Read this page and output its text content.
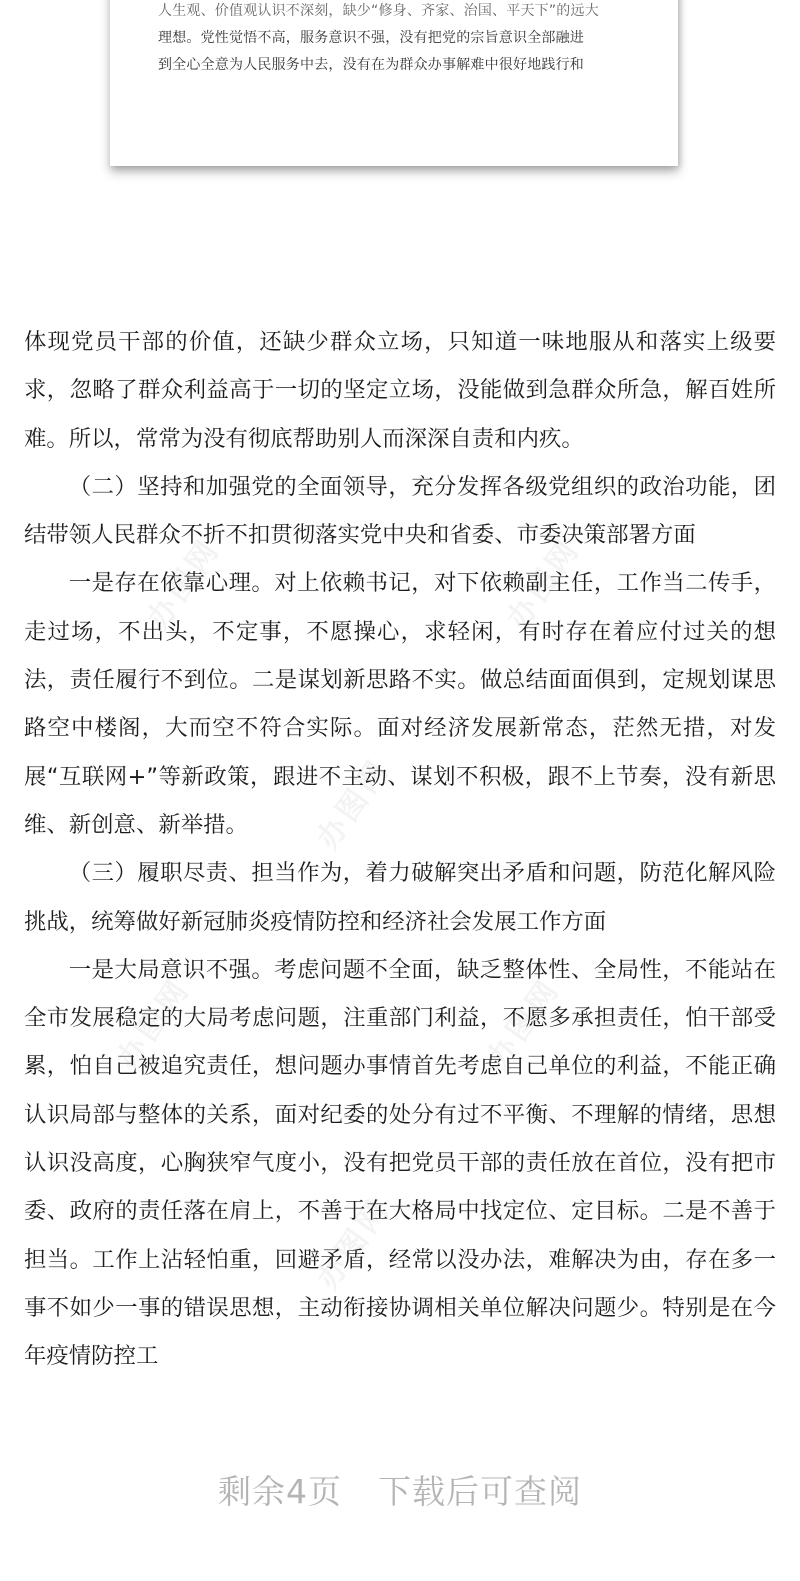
办图网	办图网
办图网
办图网	办图网
办图网
人生观、价值观认识不深刻，缺少“修身、齐家、治国、平天下”的远大
理想。党性觉悟不高，服务意识不强，没有把党的宗旨意识全部融进
到全心全意为人民服务中去，没有在为群众办事解难中很好地践行和

体现党员干部的价值，还缺少群众立场，只知道一味地服从和落实上级要求，忽略了群众利益高于一切的坚定立场，没能做到急群众所急，解百姓所难。所以，常常为没有彻底帮助别人而深深自责和内疚。

（二）坚持和加强党的全面领导，充分发挥各级党组织的政治功能，团结带领人民群众不折不扣贯彻落实党中央和省委、市委决策部署方面

一是存在依靠心理。对上依赖书记，对下依赖副主任，工作当二传手，走过场，不出头，不定事，不愿操心，求轻闲，有时存在着应付过关的想法，责任履行不到位。二是谋划新思路不实。做总结面面俱到，定规划谋思路空中楼阁，大而空不符合实际。面对经济发展新常态，茫然无措，对发展“互联网+”等新政策，跟进不主动、谋划不积极，跟不上节奏，没有新思维、新创意、新举措。

（三）履职尽责、担当作为，着力破解突出矛盾和问题，防范化解风险挑战，统筹做好新冠肺炎疫情防控和经济社会发展工作方面

一是大局意识不强。考虑问题不全面，缺乏整体性、全局性，不能站在全市发展稳定的大局考虑问题，注重部门利益，不愿多承担责任，怕干部受累，怕自己被追究责任，想问题办事情首先考虑自己单位的利益，不能正确认识局部与整体的关系，面对纪委的处分有过不平衡、不理解的情绪，思想认识没高度，心胸狭窄气度小，没有把党员干部的责任放在首位，没有把市委、政府的责任落在肩上，不善于在大格局中找定位、定目标。二是不善于担当。工作上沾轻怕重，回避矛盾，经常以没办法，难解决为由，存在多一事不如少一事的错误思想，主动衔接协调相关单位解决问题少。特别是在今年疫情防控工

剩余4页 下载后可查阅
